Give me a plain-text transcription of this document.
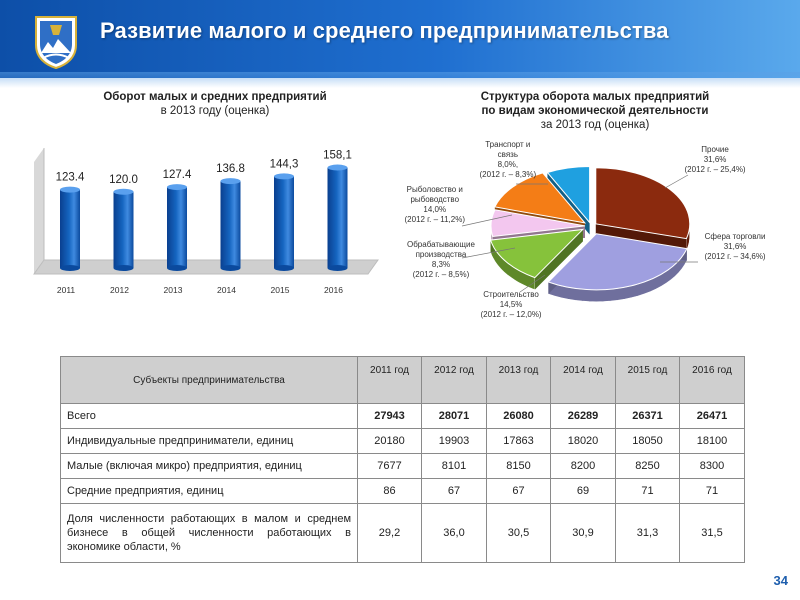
Развитие малого и среднего предпринимательства
Оборот малых и средних предприятий
в 2013 году (оценка)
123.4
2011
120.0
2012
127.4
2013
136.8
2014
144,3
2015
158,1
2016
Структура оборота малых предприятий
по видам экономической деятельности
за 2013 год (оценка)
Прочие
31,6%
(2012 г. – 25,4%)
Сфера торговли
31,6%
(2012 г. – 34,6%)
Строительство
14,5%
(2012 г. – 12,0%)
Обрабатывающие
производства
8,3%
(2012 г. – 8,5%)
Рыболовство и
рыбоводство
14,0%
(2012 г. – 11,2%)
Транспорт и
связь
8,0%,
(2012 г. – 8,3%)
Субъекты предпринимательства	2011 год	2012 год	2013 год	2014 год	2015 год	2016 год
Всего	27943	28071	26080	26289	26371	26471
Индивидуальные предприниматели, единиц	20180	19903	17863	18020	18050	18100
Малые (включая микро) предприятия, единиц	7677	8101	8150	8200	8250	8300
Средние предприятия, единиц	86	67	67	69	71	71
Доля численности работающих в малом и среднем бизнесе в общей численности работающих в экономике области, %	29,2	36,0	30,5	30,9	31,3	31,5
34
